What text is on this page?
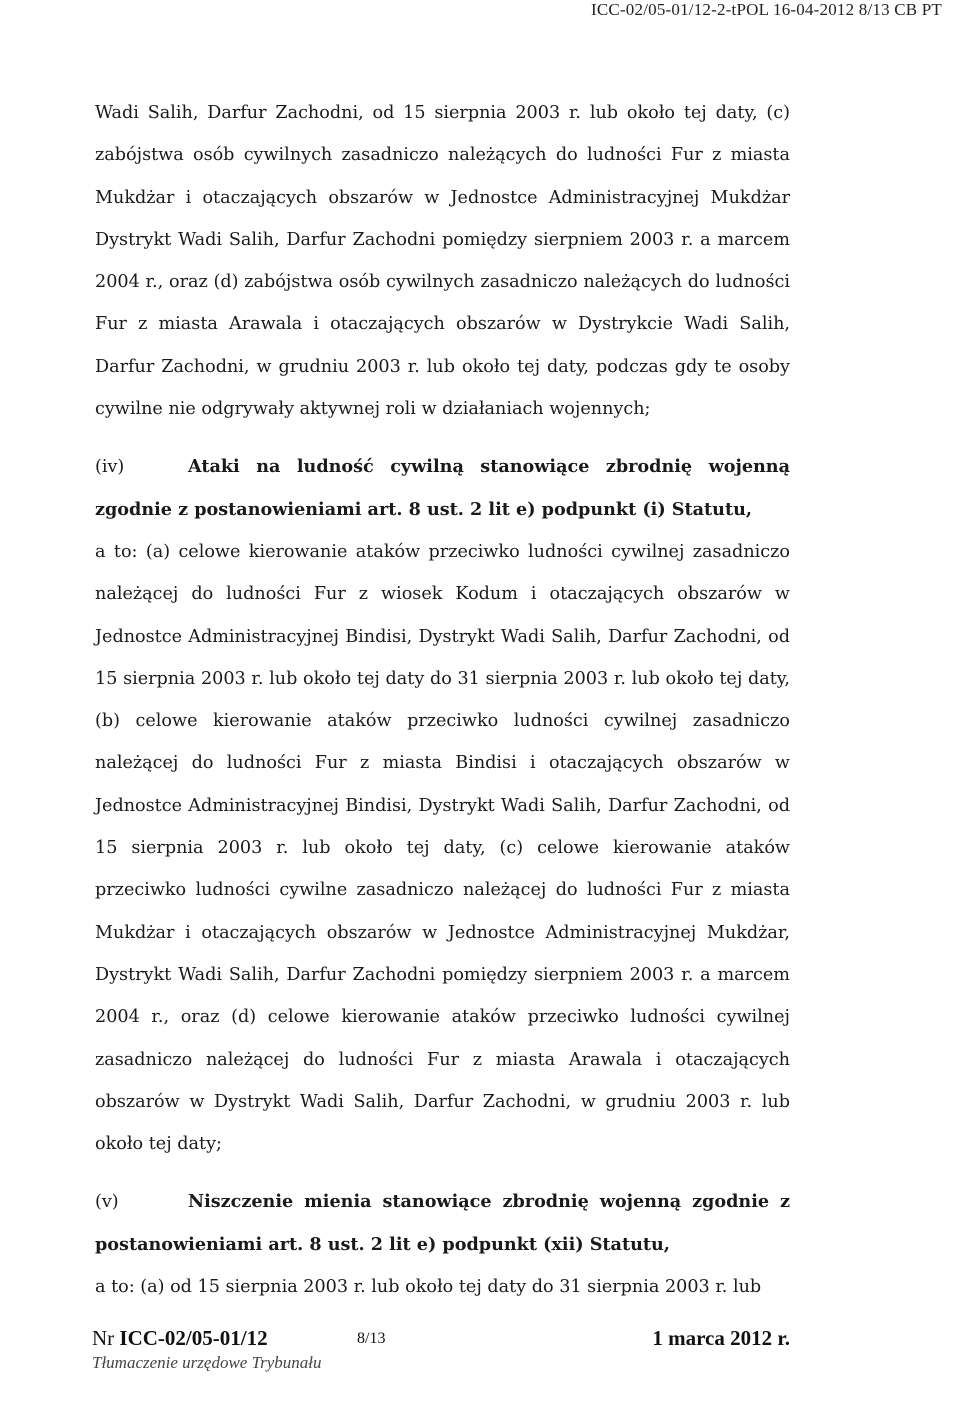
ICC-02/05-01/12-2-tPOL 16-04-2012 8/13 CB PT

Wadi Salih, Darfur Zachodni, od 15 sierpnia 2003 r. lub około tej daty, (c) zabójstwa osób cywilnych zasadniczo należących do ludności Fur z miasta Mukdżar i otaczających obszarów w Jednostce Administracyjnej Mukdżar Dystrykt Wadi Salih, Darfur Zachodni pomiędzy sierpniem 2003 r. a marcem 2004 r., oraz (d) zabójstwa osób cywilnych zasadniczo należących do ludności Fur z miasta Arawala i otaczających obszarów w Dystrykcie Wadi Salih, Darfur Zachodni, w grudniu 2003 r. lub około tej daty, podczas gdy te osoby cywilne nie odgrywały aktywnej roli w działaniach wojennych;

(iv)	Ataki na ludność cywilną stanowiące zbrodnię wojenną zgodnie z postanowieniami art. 8 ust. 2 lit e) podpunkt (i) Statutu,

a to: (a) celowe kierowanie ataków przeciwko ludności cywilnej zasadniczo należącej do ludności Fur z wiosek Kodum i otaczających obszarów w Jednostce Administracyjnej Bindisi, Dystrykt Wadi Salih, Darfur Zachodni, od 15 sierpnia 2003 r. lub około tej daty do 31 sierpnia 2003 r. lub około tej daty, (b) celowe kierowanie ataków przeciwko ludności cywilnej zasadniczo należącej do ludności Fur z miasta Bindisi i otaczających obszarów w Jednostce Administracyjnej Bindisi, Dystrykt Wadi Salih, Darfur Zachodni, od 15 sierpnia 2003 r. lub około tej daty, (c) celowe kierowanie ataków przeciwko ludności cywilne zasadniczo należącej do ludności Fur z miasta Mukdżar i otaczających obszarów w Jednostce Administracyjnej Mukdżar, Dystrykt Wadi Salih, Darfur Zachodni pomiędzy sierpniem 2003 r. a marcem 2004 r., oraz (d) celowe kierowanie ataków przeciwko ludności cywilnej zasadniczo należącej do ludności Fur z miasta Arawala i otaczających obszarów w Dystrykt Wadi Salih, Darfur Zachodni, w grudniu 2003 r. lub około tej daty;

(v)	Niszczenie mienia stanowiące zbrodnię wojenną zgodnie z postanowieniami art. 8 ust. 2 lit e) podpunkt (xii) Statutu,

a to: (a) od 15 sierpnia 2003 r. lub około tej daty do 31 sierpnia 2003 r. lub

Nr ICC-02/05-01/12	8/13	1 marca 2012 r.
Tłumaczenie urzędowe Trybunału
